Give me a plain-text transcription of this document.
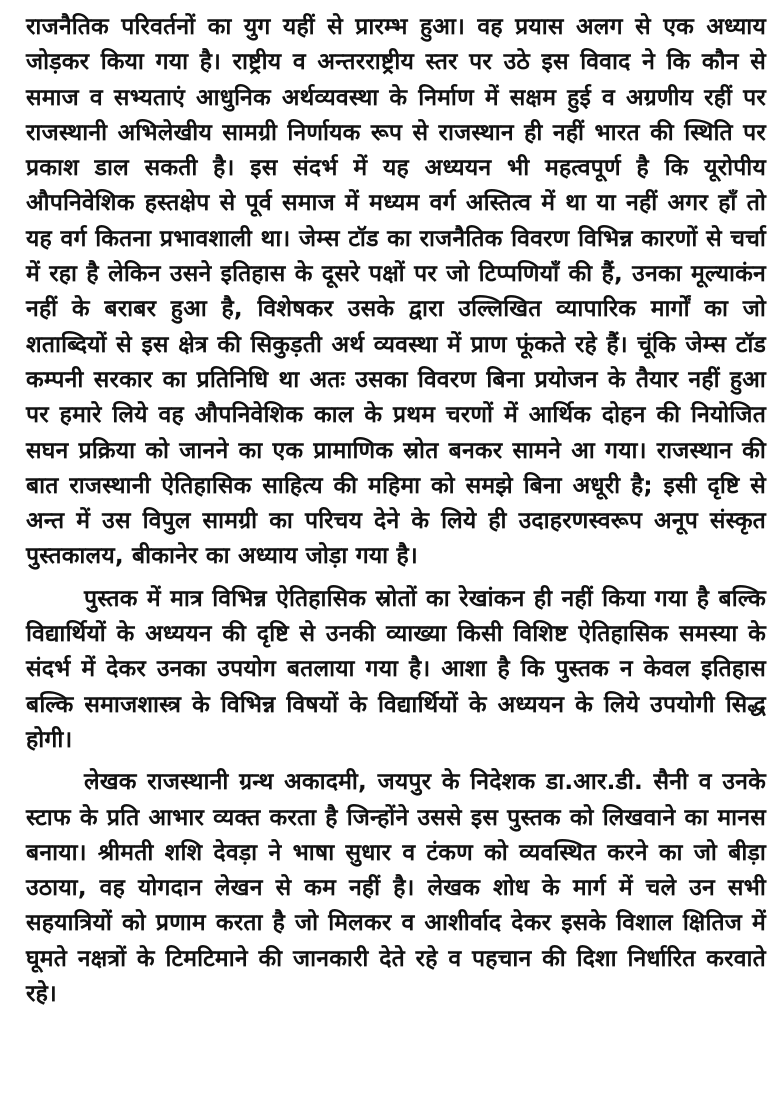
राजनैतिक परिवर्तनों का युग यहीं से प्रारम्भ हुआ। वह प्रयास अलग से एक अध्याय जोड़कर किया गया है। राष्ट्रीय व अन्तरराष्ट्रीय स्तर पर उठे इस विवाद ने कि कौन से समाज व सभ्यताएं आधुनिक अर्थव्यवस्था के निर्माण में सक्षम हुई व अग्रणीय रहीं पर राजस्थानी अभिलेखीय सामग्री निर्णायक रूप से राजस्थान ही नहीं भारत की स्थिति पर प्रकाश डाल सकती है। इस संदर्भ में यह अध्ययन भी महत्वपूर्ण है कि यूरोपीय औपनिवेशिक हस्तक्षेप से पूर्व समाज में मध्यम वर्ग अस्तित्व में था या नहीं अगर हाँ तो यह वर्ग कितना प्रभावशाली था। जेम्स टॉड का राजनैतिक विवरण विभिन्न कारणों से चर्चा में रहा है लेकिन उसने इतिहास के दूसरे पक्षों पर जो टिप्पणियाँ की हैं, उनका मूल्याकंन नहीं के बराबर हुआ है, विशेषकर उसके द्वारा उल्लिखित व्यापारिक मार्गों का जो शताब्दियों से इस क्षेत्र की सिकुड़ती अर्थ व्यवस्था में प्राण फूंकते रहे हैं। चूंकि जेम्स टॉड कम्पनी सरकार का प्रतिनिधि था अतः उसका विवरण बिना प्रयोजन के तैयार नहीं हुआ पर हमारे लिये वह औपनिवेशिक काल के प्रथम चरणों में आर्थिक दोहन की नियोजित सघन प्रक्रिया को जानने का एक प्रामाणिक स्रोत बनकर सामने आ गया। राजस्थान की बात राजस्थानी ऐतिहासिक साहित्य की महिमा को समझे बिना अधूरी है; इसी दृष्टि से अन्त में उस विपुल सामग्री का परिचय देने के लिये ही उदाहरणस्वरूप अनूप संस्कृत पुस्तकालय, बीकानेर का अध्याय जोड़ा गया है।

पुस्तक में मात्र विभिन्न ऐतिहासिक स्रोतों का रेखांकन ही नहीं किया गया है बल्कि विद्यार्थियों के अध्ययन की दृष्टि से उनकी व्याख्या किसी विशिष्ट ऐतिहासिक समस्या के संदर्भ में देकर उनका उपयोग बतलाया गया है। आशा है कि पुस्तक न केवल इतिहास बल्कि समाजशास्त्र के विभिन्न विषयों के विद्यार्थियों के अध्ययन के लिये उपयोगी सिद्ध होगी।

लेखक राजस्थानी ग्रन्थ अकादमी, जयपुर के निदेशक डा.आर.डी. सैनी व उनके स्टाफ के प्रति आभार व्यक्त करता है जिन्होंने उससे इस पुस्तक को लिखवाने का मानस बनाया। श्रीमती शशि देवड़ा ने भाषा सुधार व टंकण को व्यवस्थित करने का जो बीड़ा उठाया, वह योगदान लेखन से कम नहीं है। लेखक शोध के मार्ग में चले उन सभी सहयात्रियों को प्रणाम करता है जो मिलकर व आशीर्वाद देकर इसके विशाल क्षितिज में घूमते नक्षत्रों के टिमटिमाने की जानकारी देते रहे व पहचान की दिशा निर्धारित करवाते रहे।
